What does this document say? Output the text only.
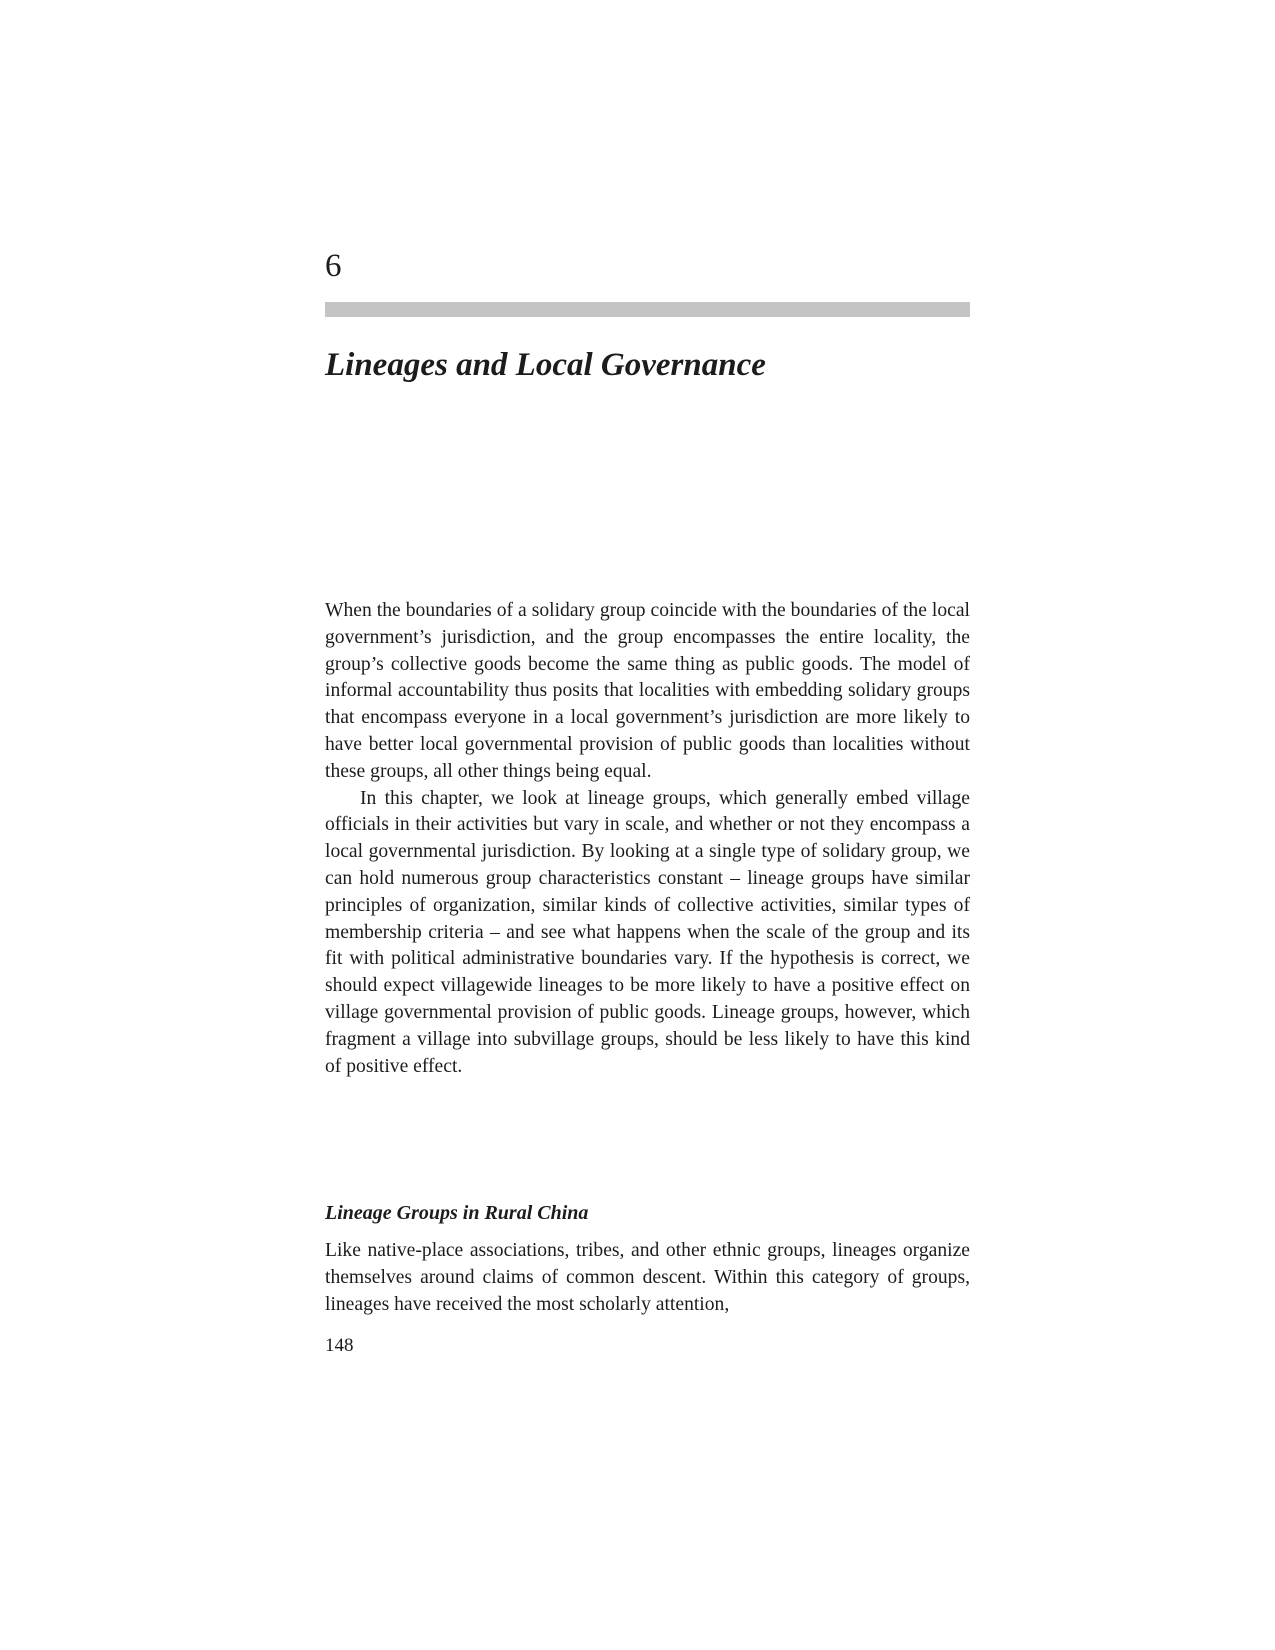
6
Lineages and Local Governance

When the boundaries of a solidary group coincide with the boundaries of the local government’s jurisdiction, and the group encompasses the entire locality, the group’s collective goods become the same thing as public goods. The model of informal accountability thus posits that localities with embedding solidary groups that encompass everyone in a local government’s jurisdiction are more likely to have better local governmental provision of public goods than localities without these groups, all other things being equal.

In this chapter, we look at lineage groups, which generally embed village officials in their activities but vary in scale, and whether or not they encompass a local governmental jurisdiction. By looking at a single type of solidary group, we can hold numerous group characteristics constant – lineage groups have similar principles of organization, similar kinds of collective activities, similar types of membership criteria – and see what happens when the scale of the group and its fit with political administrative boundaries vary. If the hypothesis is correct, we should expect villagewide lineages to be more likely to have a positive effect on village governmental provision of public goods. Lineage groups, however, which fragment a village into subvillage groups, should be less likely to have this kind of positive effect.

Lineage Groups in Rural China

Like native-place associations, tribes, and other ethnic groups, lineages organize themselves around claims of common descent. Within this category of groups, lineages have received the most scholarly attention,

148
